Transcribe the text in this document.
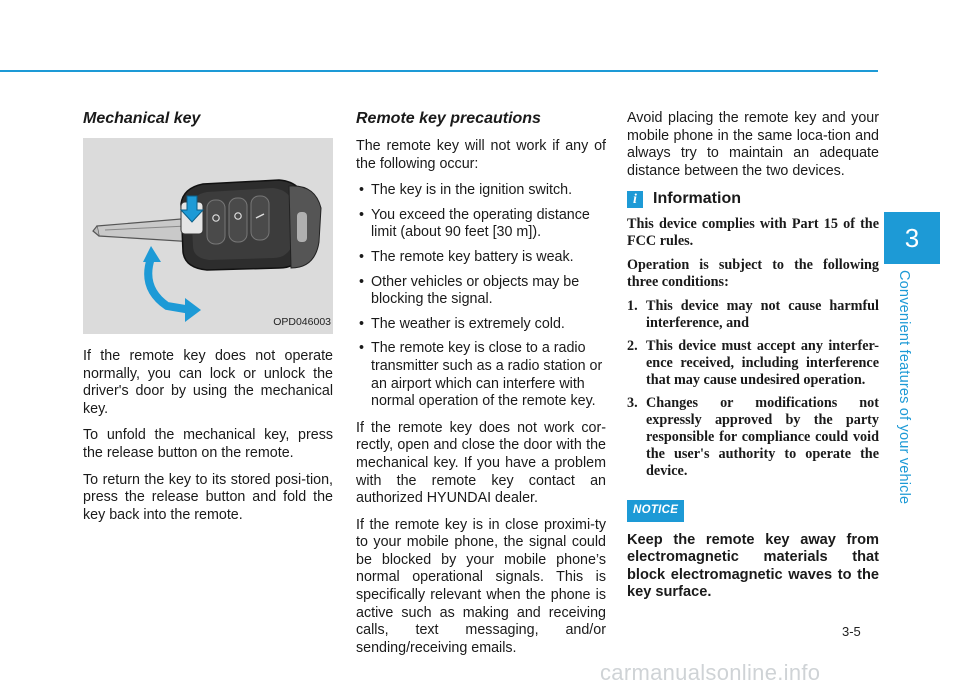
3
Convenient features of your vehicle
Mechanical key
OPD046003

If the remote key does not operate normally, you can lock or unlock the driver's door by using the mechanical key.

To unfold the mechanical key, press the release button on the remote.

To return the key to its stored posi-tion, press the release button and fold the key back into the remote.

Remote key precautions

The remote key will not work if any of the following occur:

• The key is in the ignition switch.
• You exceed the operating distance limit (about 90 feet [30 m]).
• The remote key battery is weak.
• Other vehicles or objects may be blocking the signal.
• The weather is extremely cold.
• The remote key is close to a radio transmitter such as a radio station or an airport which can interfere with normal operation of the remote key.

If the remote key does not work cor-rectly, open and close the door with the mechanical key. If you have a problem with the remote key contact an authorized HYUNDAI dealer.

If the remote key is in close proximi-ty to your mobile phone, the signal could be blocked by your mobile phone’s normal operational signals. This is specifically relevant when the phone is active such as making and receiving calls, text messaging, and/or sending/receiving emails.

Avoid placing the remote key and your mobile phone in the same loca-tion and always try to maintain an adequate distance between the two devices.

i	Information

This device complies with Part 15 of the FCC rules.

Operation is subject to the following three conditions:

1. This device may not cause harmful interference, and
2. This device must accept any interfer-ence received, including interference that may cause undesired operation.
3. Changes or modifications not expressly approved by the party responsible for compliance could void the user's authority to operate the device.
NOTICE

Keep the remote key away from electromagnetic materials that block electromagnetic waves to the key surface.

3-5
carmanualsonline.info
